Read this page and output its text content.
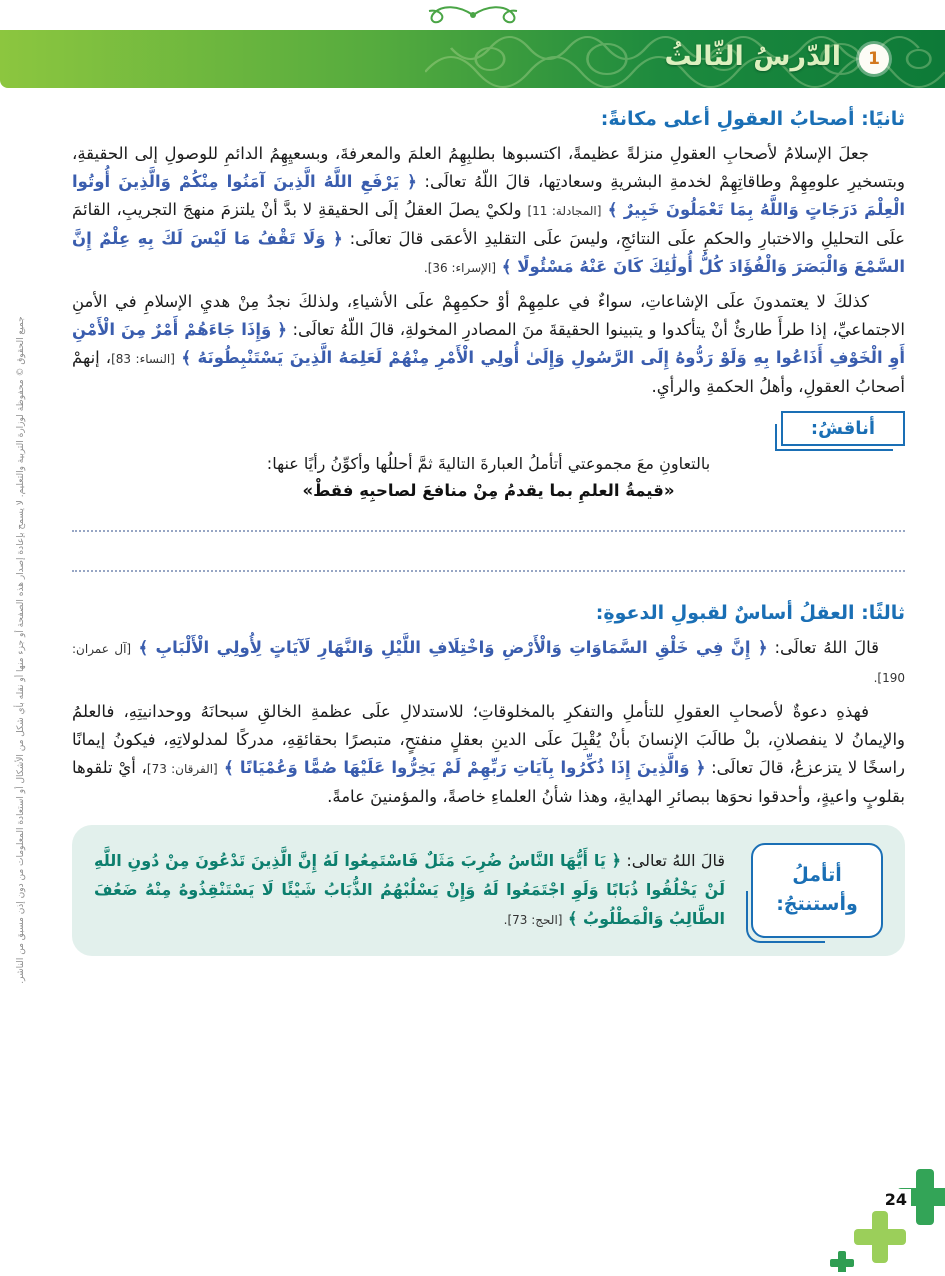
الدّرسُ الثّالثُ	1
جميع الحقوق © محفوظة لوزارة التربية والتعليم. لا يسمح بإعادة إصدار هذه الصفحة أو جزء منها أو نقله بأي شكل من الأشكال أو استعادة المعلومات من دون إذن مسبق من الناشر.
ثانيًا: أصحابُ العقولِ أعلى مكانةً:

جعلَ الإسلامُ لأصحابِ العقولِ منزلةً عظيمةً، اكتسبوها بطلبِهِمُ العلمَ والمعرفةَ، وبسعيِهِمُ الدائمِ للوصولِ إلى الحقيقةِ، وبتسخيرِ علومِهِمْ وطاقاتِهِمْ لخدمةِ البشريةِ وسعادتِها، قالَ اللّهُ تعالَى: ﴿ يَرْفَعِ اللَّهُ الَّذِينَ آمَنُوا مِنْكُمْ وَالَّذِينَ أُوتُوا الْعِلْمَ دَرَجَاتٍ وَاللَّهُ بِمَا تَعْمَلُونَ خَبِيرٌ ﴾ [المجادلة: 11] ولكيْ يصلَ العقلُ إلَى الحقيقةِ لا بدَّ أنْ يلتزمَ منهجَ التجريبِ، القائمَ علَى التحليلِ والاختبارِ والحكمِ علَى النتائجِ، وليسَ علَى التقليدِ الأعمَى قالَ تعالَى: ﴿ وَلَا تَقْفُ مَا لَيْسَ لَكَ بِهِ عِلْمٌ إِنَّ السَّمْعَ وَالْبَصَرَ وَالْفُؤَادَ كُلُّ أُولَٰئِكَ كَانَ عَنْهُ مَسْئُولًا ﴾ [الإسراء: 36].

كذلكَ لا يعتمدونَ علَى الإشاعاتِ، سواءٌ في علمِهِمْ أوْ حكمِهِمْ علَى الأشياءِ، ولذلكَ نجدُ مِنْ هديِ الإسلامِ في الأمنِ الاجتماعيِّ، إذا طرأَ طارئٌ أنْ يتأكدوا و يتبينوا الحقيقةَ منَ المصادرِ المخولةِ، قالَ اللّهُ تعالَى: ﴿ وَإِذَا جَاءَهُمْ أَمْرٌ مِنَ الْأَمْنِ أَوِ الْخَوْفِ أَذَاعُوا بِهِ وَلَوْ رَدُّوهُ إِلَى الرَّسُولِ وَإِلَىٰ أُولِي الْأَمْرِ مِنْهُمْ لَعَلِمَهُ الَّذِينَ يَسْتَنْبِطُونَهُ ﴾ [النساء: 83]، إنهمْ أصحابُ العقولِ، وأهلُ الحكمةِ والرأيِ.

أناقشُ:

بالتعاونِ معَ مجموعتي أتأملُ العبارةَ التاليةَ ثمَّ أحللُها وأكوِّنُ رأيًا عنها:

«قيمةُ العلمِ بما يقدمُ مِنْ منافعَ لصاحبِهِ فقطْ»

ثالثًا: العقلُ أساسٌ لقبولِ الدعوةِ:

قالَ اللهُ تعالَى: ﴿ إِنَّ فِي خَلْقِ السَّمَاوَاتِ وَالْأَرْضِ وَاخْتِلَافِ اللَّيْلِ وَالنَّهَارِ لَآيَاتٍ لِأُولِي الْأَلْبَابِ ﴾ [آل عمران: 190].

فهذهِ دعوةٌ لأصحابِ العقولِ للتأملِ والتفكرِ بالمخلوقاتِ؛ للاستدلالِ علَى عظمةِ الخالقِ سبحانَهُ ووحدانيتِهِ، فالعلمُ والإيمانُ لا ينفصلانِ، بلْ طالَبَ الإنسانَ بأنْ يُقْبِلَ علَى الدينِ بعقلٍ منفتحٍ، متبصرًا بحقائقِهِ، مدركًا لمدلولاتِهِ، فيكونُ إيمانًا راسخًا لا يتزعزعُ، قالَ تعالَى: ﴿ وَالَّذِينَ إِذَا ذُكِّرُوا بِآيَاتِ رَبِّهِمْ لَمْ يَخِرُّوا عَلَيْهَا صُمًّا وَعُمْيَانًا ﴾ [الفرقان: 73]، أيْ تلقوها بقلوبٍ واعيةٍ، وأحدقوا نحوَها ببصائرِ الهدايةِ، وهذا شأنُ العلماءِ خاصةً، والمؤمنينَ عامةً.

أتأملُ وأستنتجُ:
قالَ اللهُ تعالى: ﴿ يَا أَيُّهَا النَّاسُ ضُرِبَ مَثَلٌ فَاسْتَمِعُوا لَهُ إِنَّ الَّذِينَ تَدْعُونَ مِنْ دُونِ اللَّهِ لَنْ يَخْلُقُوا ذُبَابًا وَلَوِ اجْتَمَعُوا لَهُ وَإِنْ يَسْلُبْهُمُ الذُّبَابُ شَيْئًا لَا يَسْتَنْقِذُوهُ مِنْهُ ضَعُفَ الطَّالِبُ وَالْمَطْلُوبُ ﴾ [الحج: 73].
24
